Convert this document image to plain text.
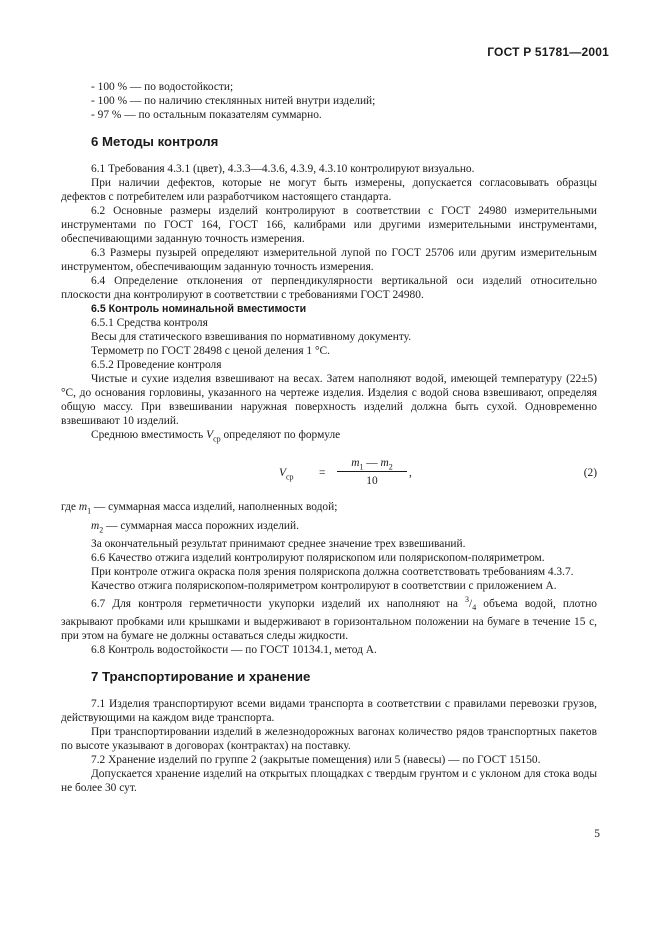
ГОСТ Р 51781—2001

- 100 % — по водостойкости;

- 100 % — по наличию стеклянных нитей внутри изделий;

- 97 % — по остальным показателям суммарно.

6 Методы контроля

6.1 Требования 4.3.1 (цвет), 4.3.3—4.3.6, 4.3.9, 4.3.10 контролируют визуально.

При наличии дефектов, которые не могут быть измерены, допускается согласовывать образцы дефектов с потребителем или разработчиком настоящего стандарта.

6.2 Основные размеры изделий контролируют в соответствии с ГОСТ 24980 измерительными инструментами по ГОСТ 164, ГОСТ 166, калибрами или другими измерительными инструментами, обеспечивающими заданную точность измерения.

6.3 Размеры пузырей определяют измерительной лупой по ГОСТ 25706 или другим измерительным инструментом, обеспечивающим заданную точность измерения.

6.4 Определение отклонения от перпендикулярности вертикальной оси изделий относительно плоскости дна контролируют в соответствии с требованиями ГОСТ 24980.

6.5 Контроль номинальной вместимости

6.5.1 Средства контроля

Весы для статического взвешивания по нормативному документу.

Термометр по ГОСТ 28498 с ценой деления 1 °С.

6.5.2 Проведение контроля

Чистые и сухие изделия взвешивают на весах. Затем наполняют водой, имеющей температуру (22±5) °С, до основания горловины, указанного на чертеже изделия. Изделия с водой снова взвешивают, определяя общую массу. При взвешивании наружная поверхность изделий должна быть сухой. Одновременно взвешивают 10 изделий.

Среднюю вместимость $V_{ср}$ определяют по формуле

$V_{ср}$ =
$m_1$ — $m_2$
10
,	(2)

где $m_1$ — суммарная масса изделий, наполненных водой;

$m_2$ — суммарная масса порожних изделий.

За окончательный результат принимают среднее значение трех взвешиваний.

6.6 Качество отжига изделий контролируют полярископом или полярископом-поляриметром.

При контроле отжига окраска поля зрения полярископа должна соответствовать требованиям 4.3.7.

Качество отжига полярископом-поляриметром контролируют в соответствии с приложением А.

6.7 Для контроля герметичности укупорки изделий их наполняют на $^3/_4$ объема водой, плотно закрывают пробками или крышками и выдерживают в горизонтальном положении на бумаге в течение 15 с, при этом на бумаге не должны оставаться следы жидкости.

6.8 Контроль водостойкости — по ГОСТ 10134.1, метод А.

7 Транспортирование и хранение

7.1 Изделия транспортируют всеми видами транспорта в соответствии с правилами перевозки грузов, действующими на каждом виде транспорта.

При транспортировании изделий в железнодорожных вагонах количество рядов транспортных пакетов по высоте указывают в договорах (контрактах) на поставку.

7.2 Хранение изделий по группе 2 (закрытые помещения) или 5 (навесы) — по ГОСТ 15150.

Допускается хранение изделий на открытых площадках с твердым грунтом и с уклоном для стока воды не более 30 сут.

5
